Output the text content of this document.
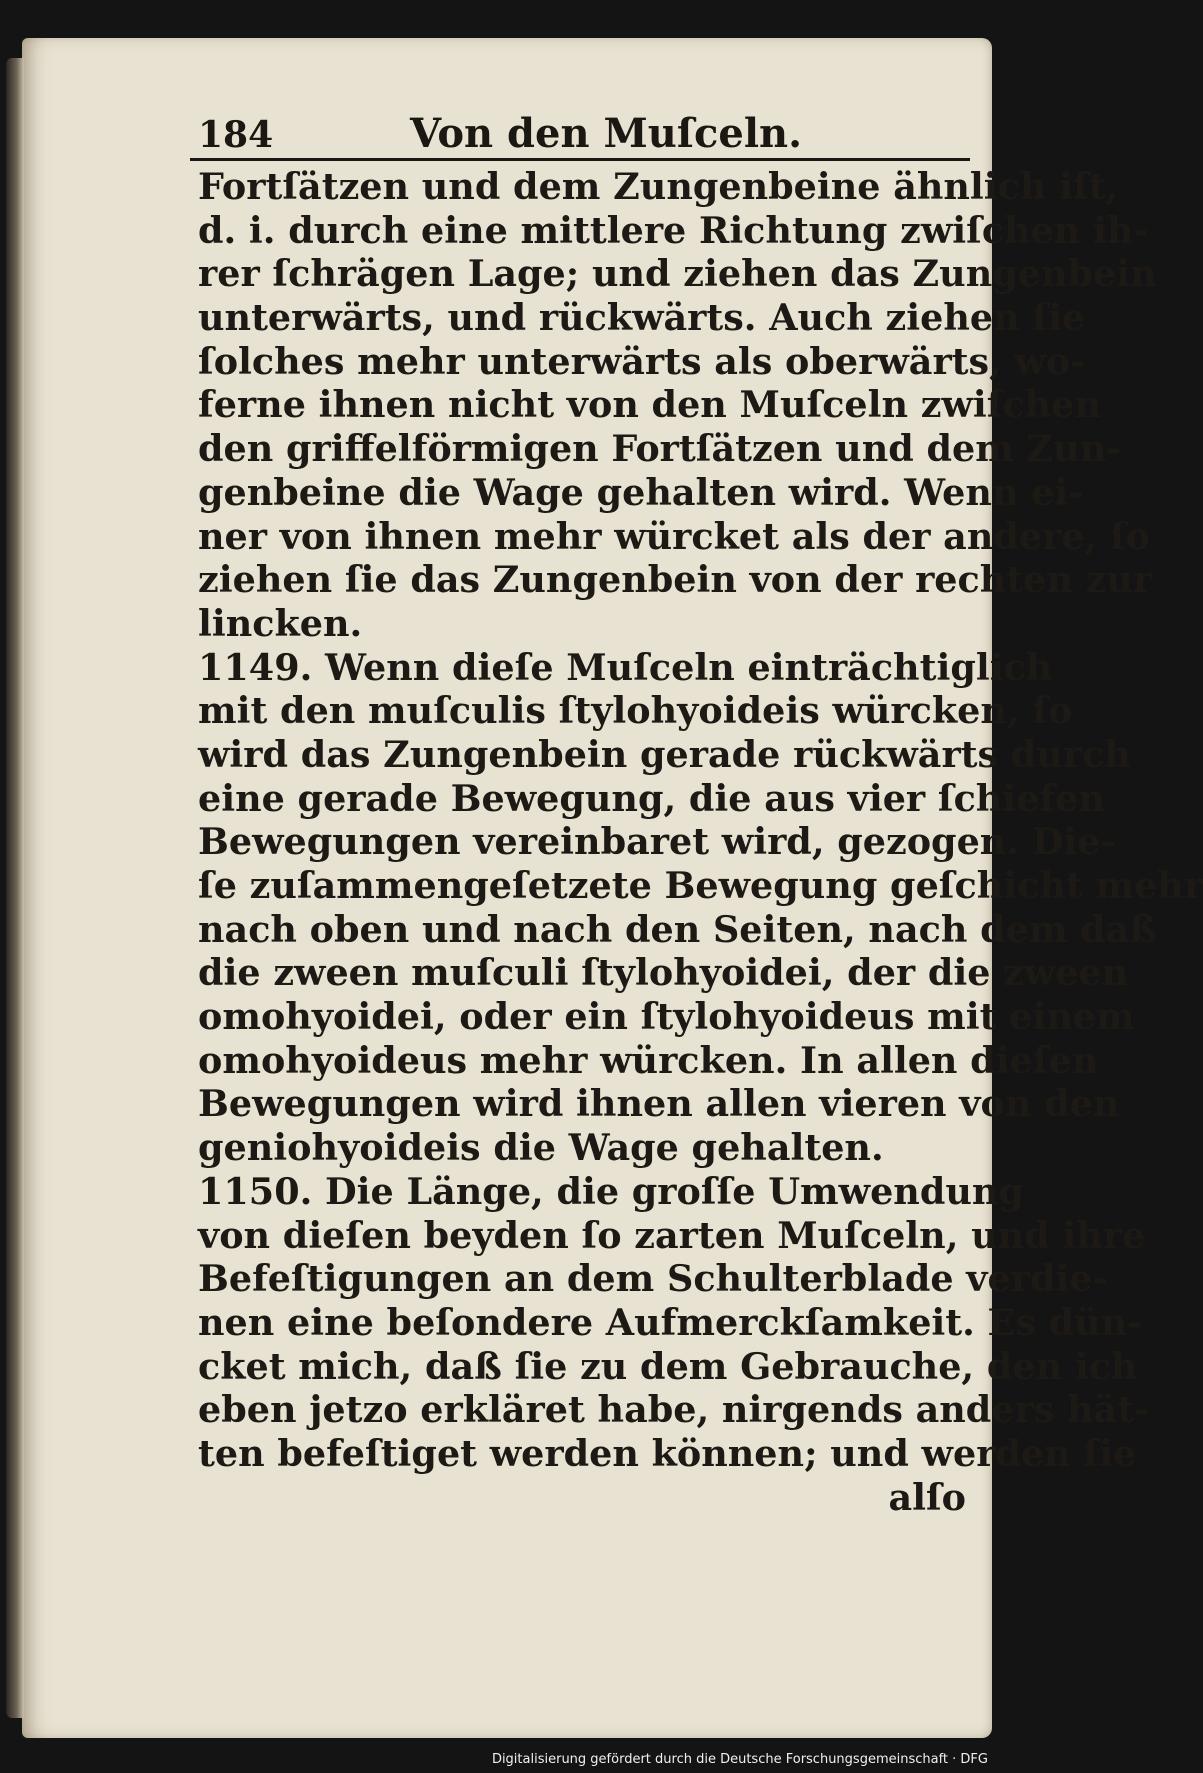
184	Von den Muſceln.
Fortſätzen und dem Zungenbeine ähnlich iſt,
d. i. durch eine mittlere Richtung zwiſchen ih-
rer ſchrägen Lage; und ziehen das Zungenbein
unterwärts, und rückwärts. Auch ziehen ſie
ſolches mehr unterwärts als oberwärts, wo-
ferne ihnen nicht von den Muſceln zwiſchen
den griffelförmigen Fortſätzen und dem Zun-
genbeine die Wage gehalten wird. Wenn ei-
ner von ihnen mehr würcket als der andere, ſo
ziehen ſie das Zungenbein von der rechten zur
lincken.
1149. Wenn dieſe Muſceln einträchtiglich
mit den muſculis ſtylohyoideis würcken, ſo
wird das Zungenbein gerade rückwärts durch
eine gerade Bewegung, die aus vier ſchiefen
Bewegungen vereinbaret wird, gezogen. Die-
ſe zuſammengeſetzete Bewegung geſchicht mehr
nach oben und nach den Seiten, nach dem daß
die zween muſculi ſtylohyoidei, der die zween
omohyoidei, oder ein ſtylohyoideus mit einem
omohyoideus mehr würcken. In allen dieſen
Bewegungen wird ihnen allen vieren von den
geniohyoideis die Wage gehalten.
1150. Die Länge, die groſſe Umwendung
von dieſen beyden ſo zarten Muſceln, und ihre
Befeſtigungen an dem Schulterblade verdie-
nen eine beſondere Aufmerckſamkeit. Es dün-
cket mich, daß ſie zu dem Gebrauche, den ich
eben jetzo erkläret habe, nirgends anders hät-
ten befeſtiget werden können; und werden ſie
alſo
Digitalisierung gefördert durch die Deutsche Forschungsgemeinschaft · DFG
